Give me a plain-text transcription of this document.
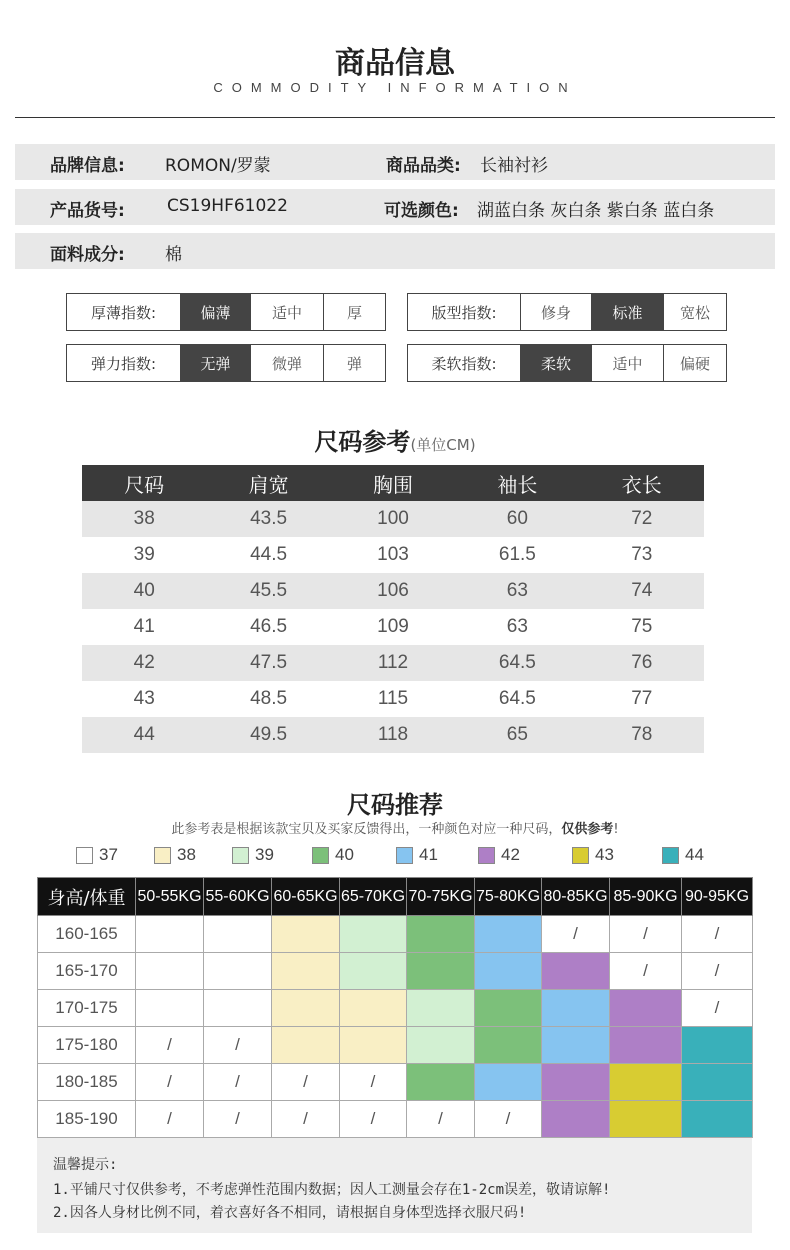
商品信息
COMMODITY INFORMATION
品牌信息: ROMON/罗蒙	商品品类: 长袖衬衫
产品货号: CS19HF61022	可选颜色: 湖蓝白条 灰白条 紫白条 蓝白条
面料成分: 棉
厚薄指数:	偏薄	适中	厚	版型指数:	修身	标准	宽松
弹力指数:	无弹	微弹	弹	柔软指数:	柔软	适中	偏硬
尺码参考(单位CM)
尺码	肩宽	胸围	袖长	衣长
38	43.5	100	60	72
39	44.5	103	61.5	73
40	45.5	106	63	74
41	46.5	109	63	75
42	47.5	112	64.5	76
43	48.5	115	64.5	77
44	49.5	118	65	78
尺码推荐
此参考表是根据该款宝贝及买家反馈得出，一种颜色对应一种尺码，仅供参考!
37	38	39	40	41	42	43	44
身高/体重	50-55KG	55-60KG	60-65KG	65-70KG	70-75KG	75-80KG	80-85KG	85-90KG	90-95KG
160-165							/	/	/
165-170								/	/
170-175									/
175-180	/	/							
180-185	/	/	/	/					
185-190	/	/	/	/	/	/			
温馨提示:
1.平铺尺寸仅供参考，不考虑弹性范围内数据；因人工测量会存在1-2cm误差，敬请谅解!
2.因各人身材比例不同，着衣喜好各不相同，请根据自身体型选择衣服尺码!
